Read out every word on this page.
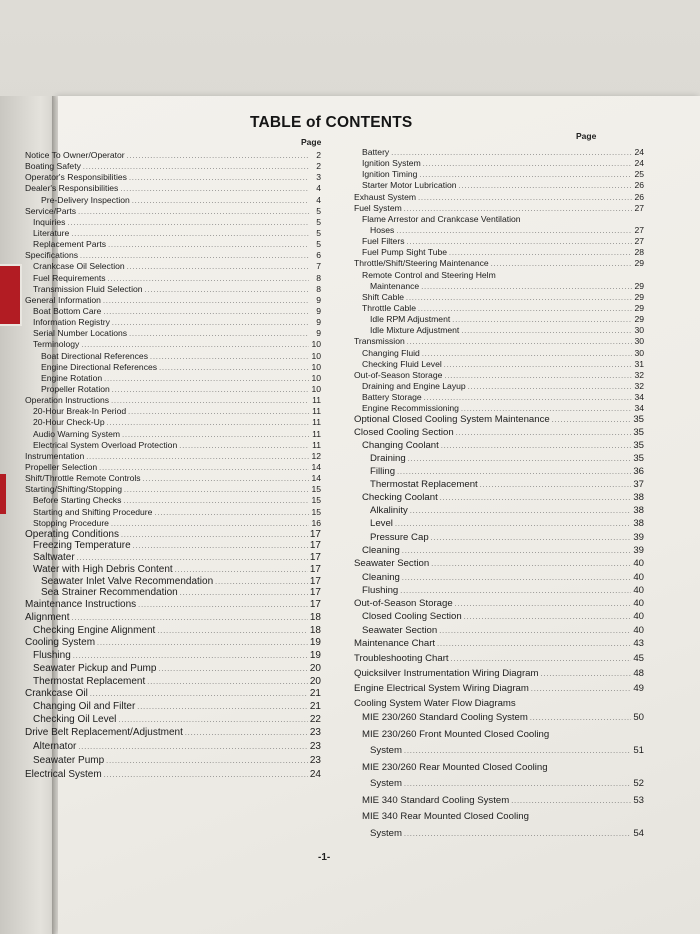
TABLE of CONTENTS
Page
Page
Notice To Owner/Operator .....	2
Boating Safety .....	2
Operator's Responsibilities .....	3
Dealer's Responsibilities .....	4
Pre-Delivery Inspection .....	4
Service/Parts .....	5
Inquiries .....	5
Literature .....	5
Replacement Parts .....	5
Specifications .....	6
Crankcase Oil Selection .....	7
Fuel Requirements .....	8
Transmission Fluid Selection .....	8
General Information .....	9
Boat Bottom Care .....	9
Information Registry .....	9
Serial Number Locations .....	9
Terminology .....	10
Boat Directional References .....	10
Engine Directional References .....	10
Engine Rotation .....	10
Propeller Rotation .....	10
Operation Instructions .....	11
20-Hour Break-In Period .....	11
20-Hour Check-Up .....	11
Audio Warning System .....	11
Electrical System Overload Protection .....	11
Instrumentation .....	12
Propeller Selection .....	14
Shift/Throttle Remote Controls .....	14
Starting/Shifting/Stopping .....	15
Before Starting Checks .....	15
Starting and Shifting Procedure .....	15
Stopping Procedure .....	16
Operating Conditions .....	17
Freezing Temperature .....	17
Saltwater .....	17
Water with High Debris Content .....	17
Seawater Inlet Valve Recommendation .....	17
Sea Strainer Recommendation .....	17
Maintenance Instructions .....	17
Alignment .....	18
Checking Engine Alignment .....	18
Cooling System .....	19
Flushing .....	19
Seawater Pickup and Pump .....	20
Thermostat Replacement .....	20
Crankcase Oil .....	21
Changing Oil and Filter .....	21
Checking Oil Level .....	22
Drive Belt Replacement/Adjustment .....	23
Alternator .....	23
Seawater Pump .....	23
Electrical System .....	24
Battery .....	24
Ignition System .....	24
Ignition Timing .....	25
Starter Motor Lubrication .....	26
Exhaust System .....	26
Fuel System .....	27
Flame Arrestor and Crankcase Ventilation
Hoses .....	27
Fuel Filters .....	27
Fuel Pump Sight Tube .....	28
Throttle/Shift/Steering Maintenance .....	29
Remote Control and Steering Helm
Maintenance .....	29
Shift Cable .....	29
Throttle Cable .....	29
Idle RPM Adjustment .....	29
Idle Mixture Adjustment .....	30
Transmission .....	30
Changing Fluid .....	30
Checking Fluid Level .....	31
Out-of-Season Storage .....	32
Draining and Engine Layup .....	32
Battery Storage .....	34
Engine Recommissioning .....	34
Optional Closed Cooling System Maintenance .....	35
Closed Cooling Section .....	35
Changing Coolant .....	35
Draining .....	35
Filling .....	36
Thermostat Replacement .....	37
Checking Coolant .....	38
Alkalinity .....	38
Level .....	38
Pressure Cap .....	39
Cleaning .....	39
Seawater Section .....	40
Cleaning .....	40
Flushing .....	40
Out-of-Season Storage .....	40
Closed Cooling Section .....	40
Seawater Section .....	40
Maintenance Chart .....	43
Troubleshooting Chart .....	45
Quicksilver Instrumentation Wiring Diagram .....	48
Engine Electrical System Wiring Diagram .....	49
Cooling System Water Flow Diagrams
MIE 230/260 Standard Cooling System .....	50
MIE 230/260 Front Mounted Closed Cooling
System .....	51
MIE 230/260 Rear Mounted Closed Cooling
System .....	52
MIE 340 Standard Cooling System .....	53
MIE 340 Rear Mounted Closed Cooling
System .....	54
-1-
